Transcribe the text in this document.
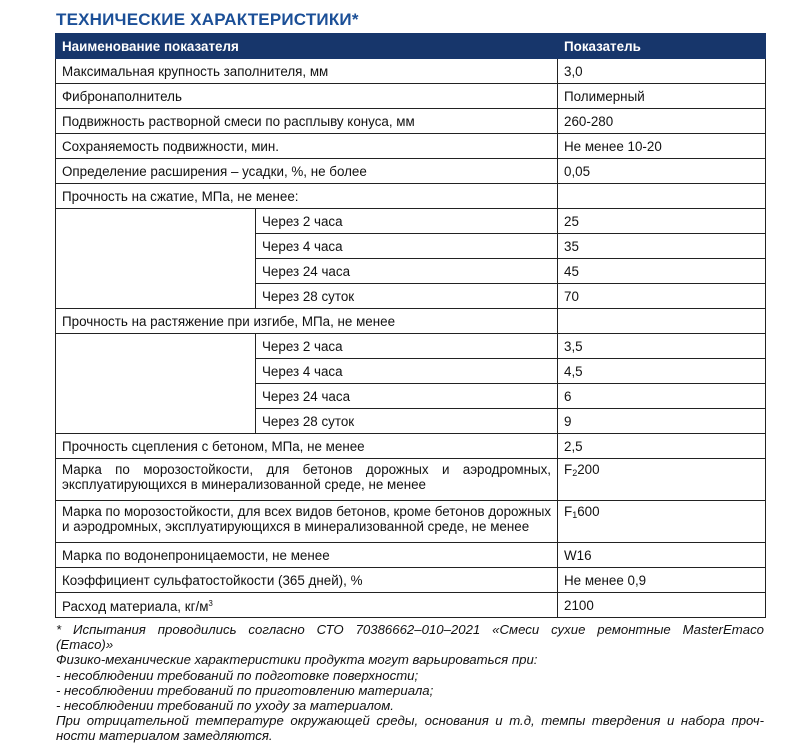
ТЕХНИЧЕСКИЕ ХАРАКТЕРИСТИКИ*
Наименование показателя		Показатель
Максимальная крупность заполнителя, мм		3,0
Фибронаполнитель		Полимерный
Подвижность растворной смеси по расплыву конуса, мм		260-280
Сохраняемость подвижности, мин.		Не менее 10-20
Определение расширения – усадки, %, не более		0,05
Прочность на сжатие, МПа, не менее:		
	Через 2 часа	25
	Через 4 часа	35
	Через 24 часа	45
	Через 28 суток	70
Прочность на растяжение при изгибе, МПа, не менее		
	Через 2 часа	3,5
	Через 4 часа	4,5
	Через 24 часа	6
	Через 28 суток	9
Прочность сцепления с бетоном, МПа, не менее		2,5

Марка по морозостойкости, для бетонов дорожных и аэродромных,
эксплуатирующихся в минерализованной среде, не менее		$F_2200$

Марка по морозостойкости, для всех видов бетонов, кроме бетонов дорожных
и аэродромных, эксплуатирующихся в минерализованной среде, не менее		$F_1600$
Марка по водонепроницаемости, не менее		W16
Коэффициент сульфатостойкости (365 дней), %		Не менее 0,9
Расход материала, $кг/м^3$		2100
* Испытания проводились согласно СТО 70386662–010–2021 «Смеси сухие ремонтные MasterEmaco
(Emaco)»
Физико-механические характеристики продукта могут варьироваться при:
- несоблюдении требований по подготовке поверхности;
- несоблюдении требований по приготовлению материала;
- несоблюдении требований по уходу за материалом.
При отрицательной температуре окружающей среды, основания и т.д, темпы твердения и набора проч-
ности материалом замедляются.
